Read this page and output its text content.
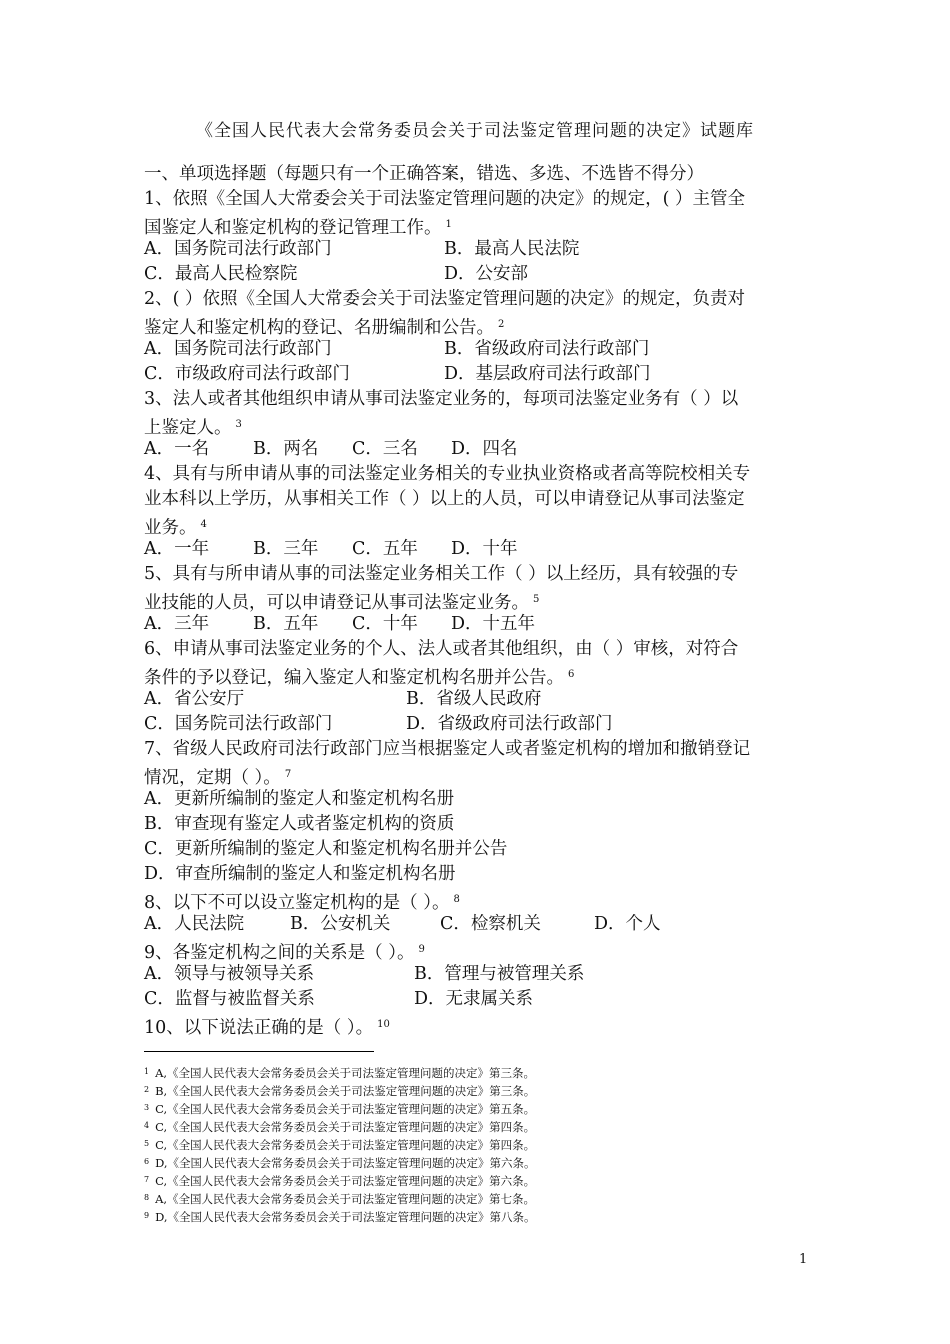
《全国人民代表大会常务委员会关于司法鉴定管理问题的决定》试题库
一、单项选择题（每题只有一个正确答案，错选、多选、不选皆不得分）
1、依照《全国人大常委会关于司法鉴定管理问题的决定》的规定，( ）主管全
国鉴定人和鉴定机构的登记管理工作。 $^1$
A．国务院司法行政部门	B．最高人民法院
C．最高人民检察院	D．公安部
2、( ）依照《全国人大常委会关于司法鉴定管理问题的决定》的规定，负责对
鉴定人和鉴定机构的登记、名册编制和公告。 $^2$
A．国务院司法行政部门	B．省级政府司法行政部门
C．市级政府司法行政部门	D．基层政府司法行政部门
3、法人或者其他组织申请从事司法鉴定业务的，每项司法鉴定业务有（ ）以
上鉴定人。 $^3$
A．一名	B．两名 C．三名 D．四名
4、具有与所申请从事的司法鉴定业务相关的专业执业资格或者高等院校相关专
业本科以上学历，从事相关工作（ ）以上的人员，可以申请登记从事司法鉴定
业务。 $^4$
A．一年	B．三年 C．五年 D．十年
5、具有与所申请从事的司法鉴定业务相关工作（ ）以上经历，具有较强的专
业技能的人员，可以申请登记从事司法鉴定业务。 $^5$
A．三年	B．五年 C．十年 D．十五年
6、申请从事司法鉴定业务的个人、法人或者其他组织，由（ ）审核，对符合
条件的予以登记，编入鉴定人和鉴定机构名册并公告。 $^6$
A．省公安厅	B．省级人民政府
C．国务院司法行政部门	D．省级政府司法行政部门
7、省级人民政府司法行政部门应当根据鉴定人或者鉴定机构的增加和撤销登记
情况，定期（ ）。 $^7$
A．更新所编制的鉴定人和鉴定机构名册
B．审查现有鉴定人或者鉴定机构的资质
C．更新所编制的鉴定人和鉴定机构名册并公告
D．审查所编制的鉴定人和鉴定机构名册
8、以下不可以设立鉴定机构的是（ ）。 $^8$
A．人民法院	B．公安机关	C．检察机关	D．个人
9、各鉴定机构之间的关系是（ ）。 $^9$
A．领导与被领导关系	B．管理与被管理关系
C．监督与被监督关系	D．无隶属关系
10、以下说法正确的是（ ）。 $^{10}$
$^1$ A,《全国人民代表大会常务委员会关于司法鉴定管理问题的决定》第三条。
$^2$ B,《全国人民代表大会常务委员会关于司法鉴定管理问题的决定》第三条。
$^3$ C,《全国人民代表大会常务委员会关于司法鉴定管理问题的决定》第五条。
$^4$ C,《全国人民代表大会常务委员会关于司法鉴定管理问题的决定》第四条。
$^5$ C,《全国人民代表大会常务委员会关于司法鉴定管理问题的决定》第四条。
$^6$ D,《全国人民代表大会常务委员会关于司法鉴定管理问题的决定》第六条。
$^7$ C,《全国人民代表大会常务委员会关于司法鉴定管理问题的决定》第六条。
$^8$ A,《全国人民代表大会常务委员会关于司法鉴定管理问题的决定》第七条。
$^9$ D,《全国人民代表大会常务委员会关于司法鉴定管理问题的决定》第八条。
1
